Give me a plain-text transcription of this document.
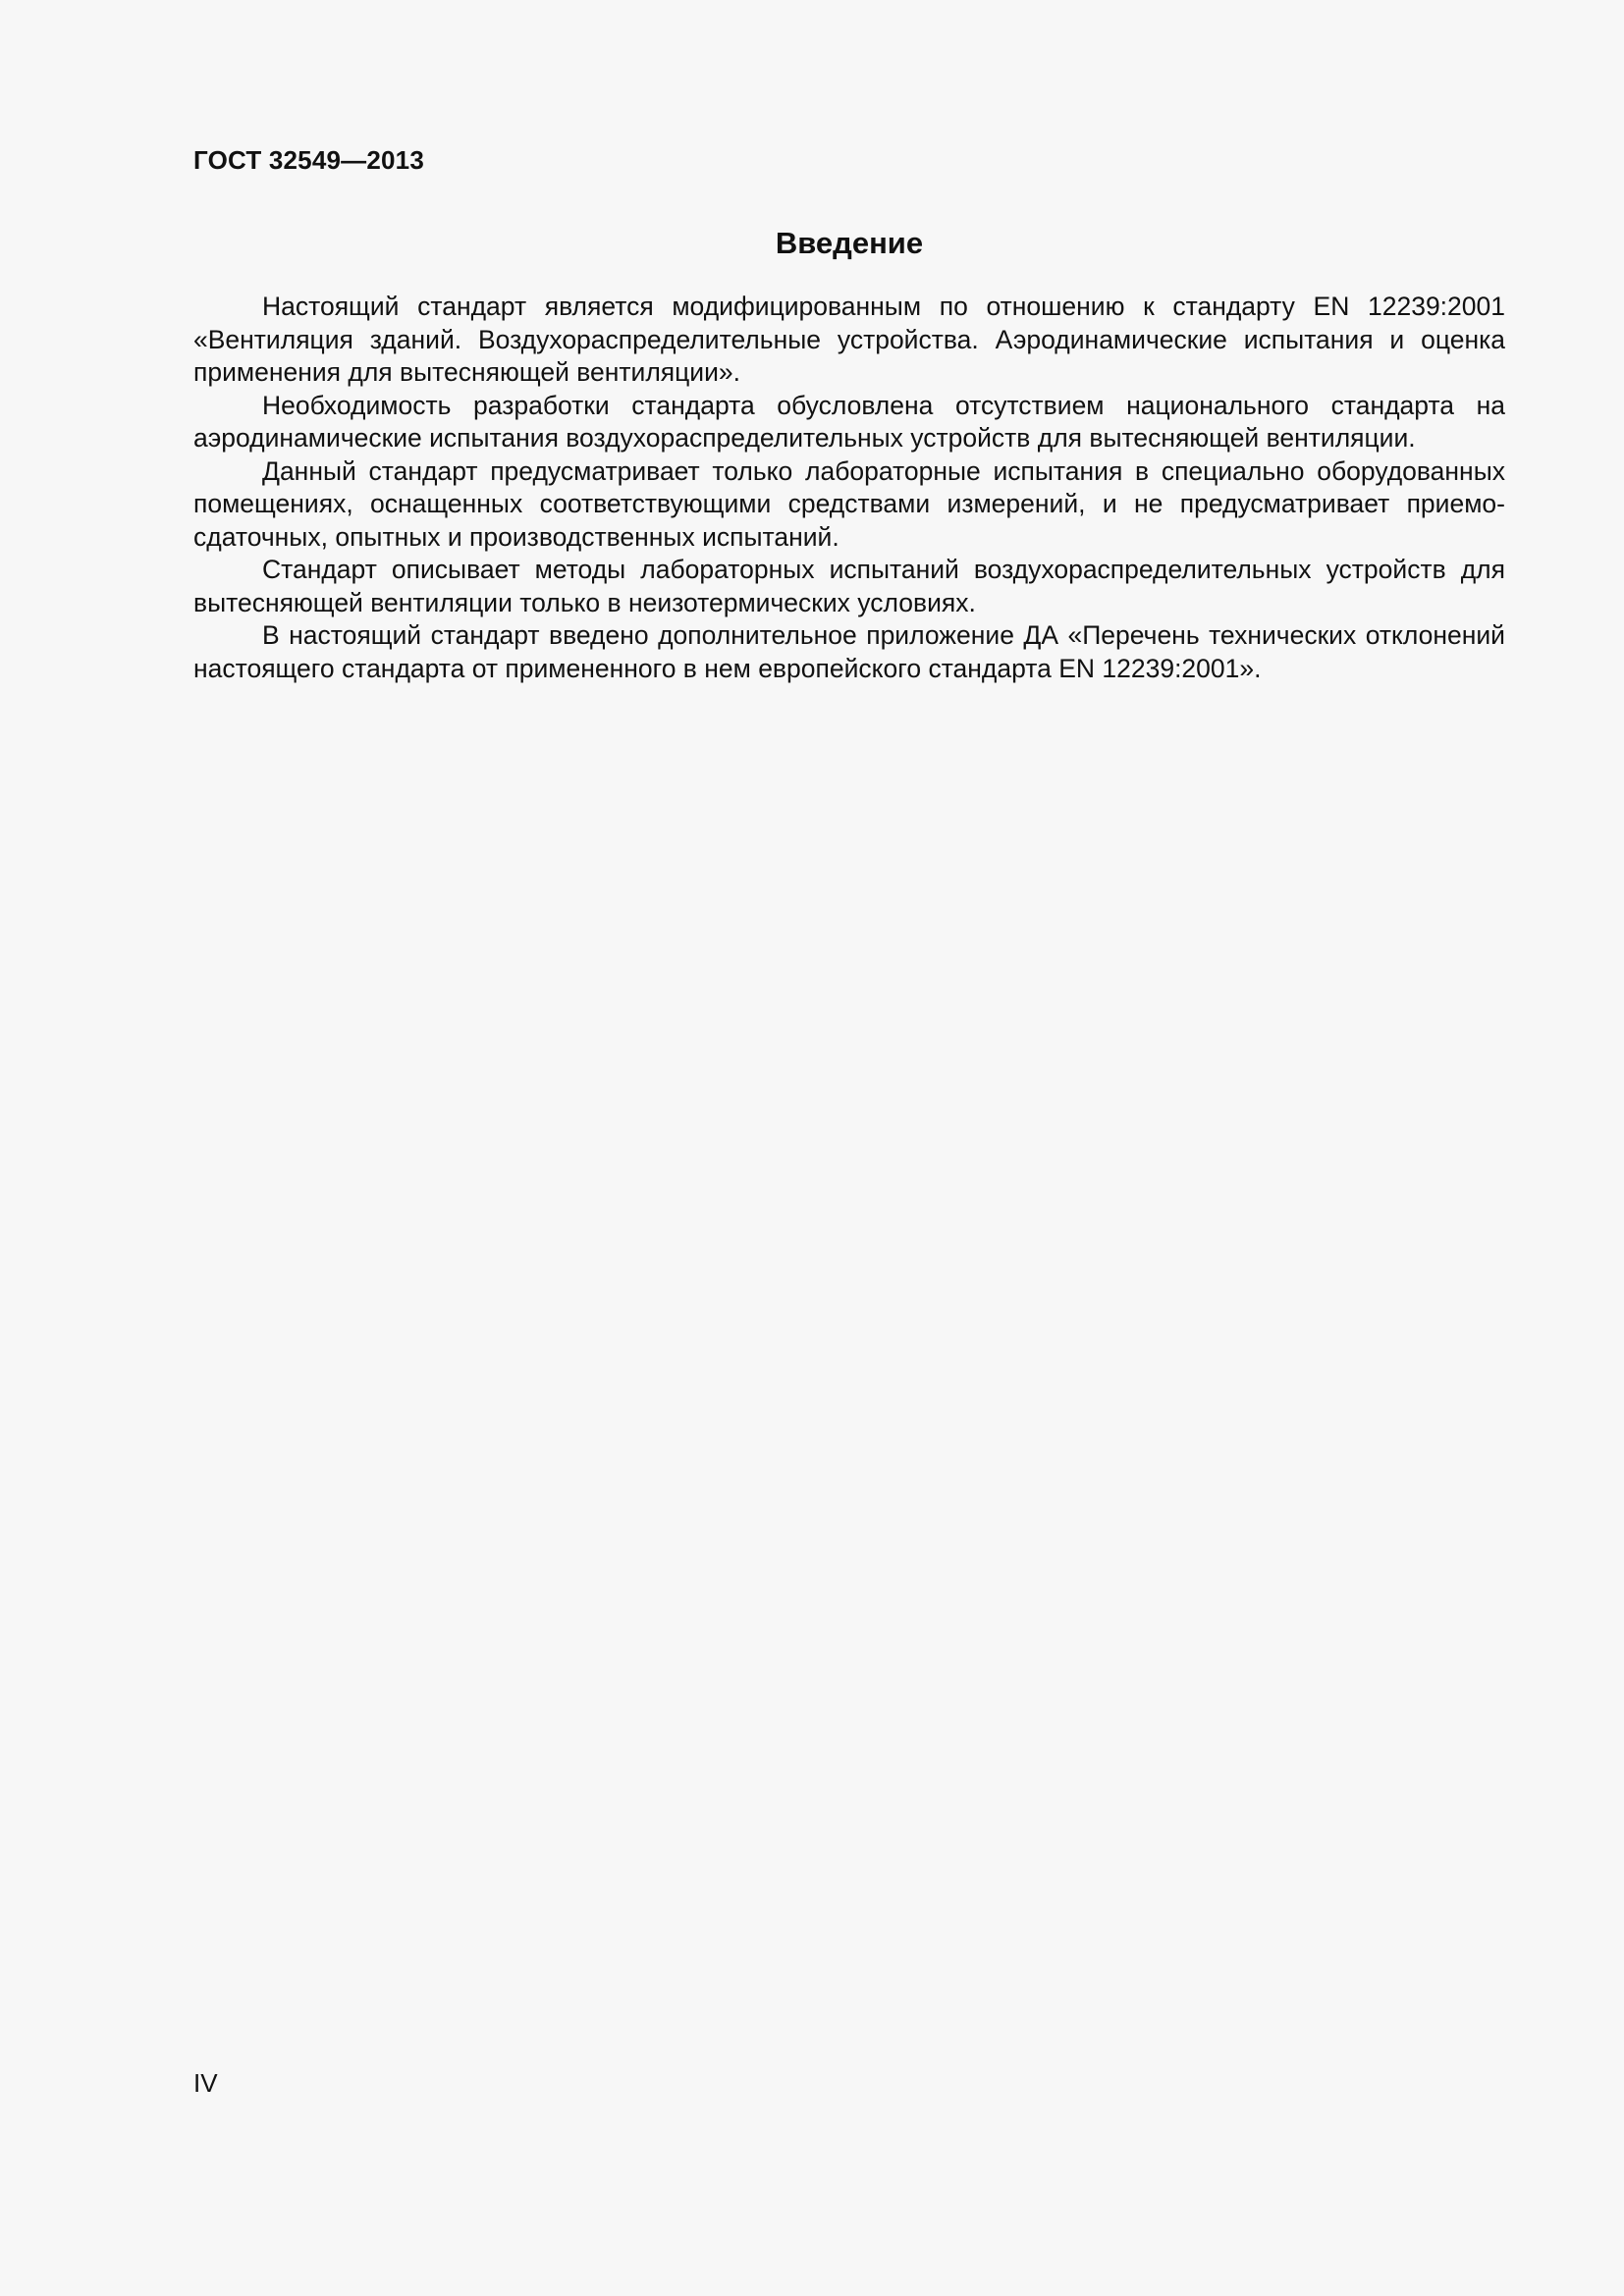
ГОСТ 32549—2013
Введение

Настоящий стандарт является модифицированным по отношению к стандарту EN 12239:2001 «Вентиляция зданий. Воздухораспределительные устройства. Аэродинамические испытания и оценка применения для вытесняющей вентиляции».

Необходимость разработки стандарта обусловлена отсутствием национального стандарта на аэродинамические испытания воздухораспределительных устройств для вытесняющей вентиляции.

Данный стандарт предусматривает только лабораторные испытания в специально оборудованных помещениях, оснащенных соответствующими средствами измерений, и не предусматривает приемо-сдаточных, опытных и производственных испытаний.

Стандарт описывает методы лабораторных испытаний воздухораспределительных устройств для вытесняющей вентиляции только в неизотермических условиях.

В настоящий стандарт введено дополнительное приложение ДА «Перечень технических отклонений настоящего стандарта от примененного в нем европейского стандарта EN 12239:2001».

IV
